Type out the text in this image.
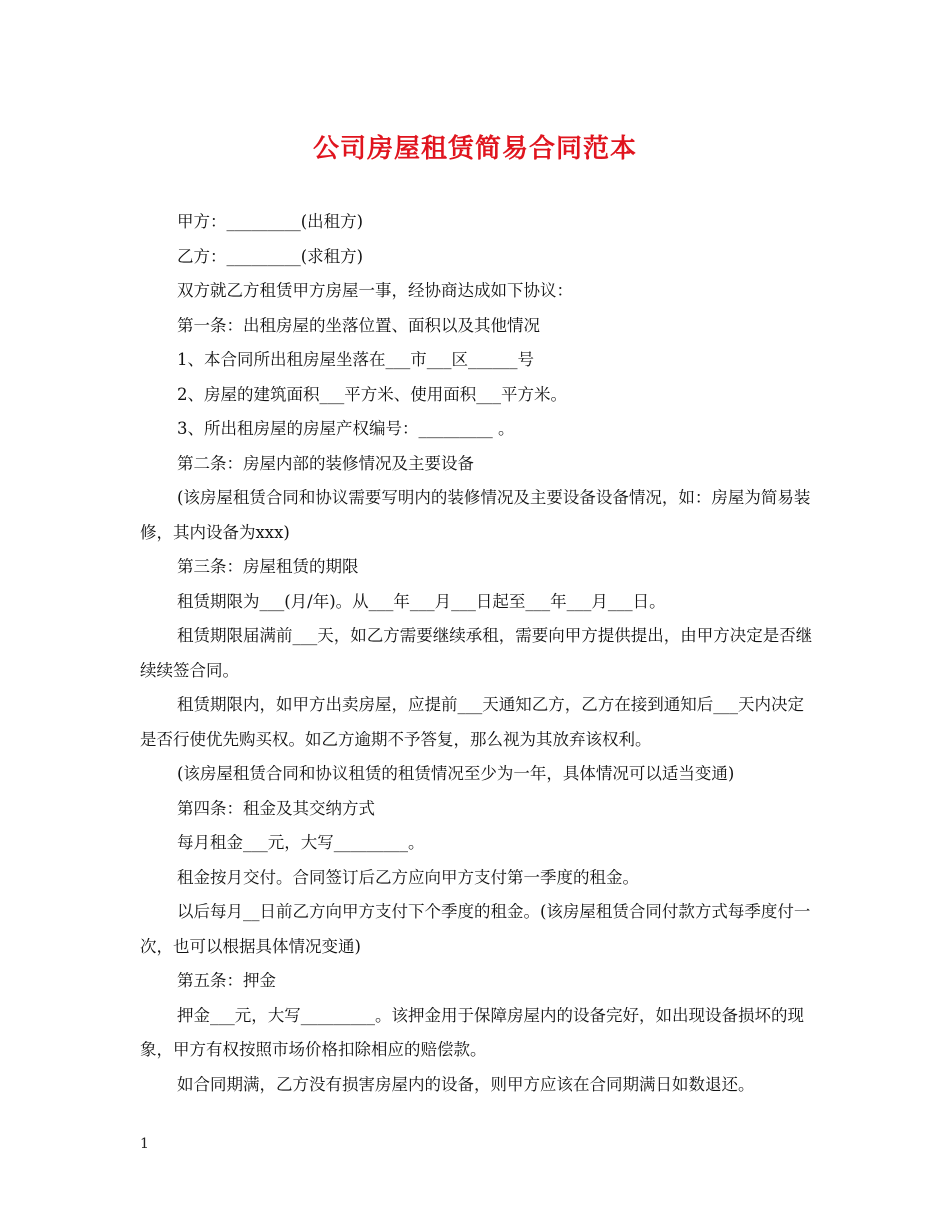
公司房屋租赁简易合同范本

甲方：_________(出租方)

乙方：_________(求租方)

双方就乙方租赁甲方房屋一事，经协商达成如下协议：

第一条：出租房屋的坐落位置、面积以及其他情况

1、本合同所出租房屋坐落在___市___区______号

2、房屋的建筑面积___平方米、使用面积___平方米。

3、所出租房屋的房屋产权编号：_________ 。

第二条：房屋内部的装修情况及主要设备

(该房屋租赁合同和协议需要写明内的装修情况及主要设备设备情况，如：房屋为简易装修，其内设备为xxx)

第三条：房屋租赁的期限

租赁期限为___(月/年)。从___年___月___日起至___年___月___日。

租赁期限届满前___天，如乙方需要继续承租，需要向甲方提供提出，由甲方决定是否继续续签合同。

租赁期限内，如甲方出卖房屋，应提前___天通知乙方，乙方在接到通知后___天内决定是否行使优先购买权。如乙方逾期不予答复，那么视为其放弃该权利。

(该房屋租赁合同和协议租赁的租赁情况至少为一年，具体情况可以适当变通)

第四条：租金及其交纳方式

每月租金___元，大写_________。

租金按月交付。合同签订后乙方应向甲方支付第一季度的租金。

以后每月__日前乙方向甲方支付下个季度的租金。(该房屋租赁合同付款方式每季度付一次，也可以根据具体情况变通)

第五条：押金

押金___元，大写_________。该押金用于保障房屋内的设备完好，如出现设备损坏的现象，甲方有权按照市场价格扣除相应的赔偿款。

如合同期满，乙方没有损害房屋内的设备，则甲方应该在合同期满日如数退还。

1
